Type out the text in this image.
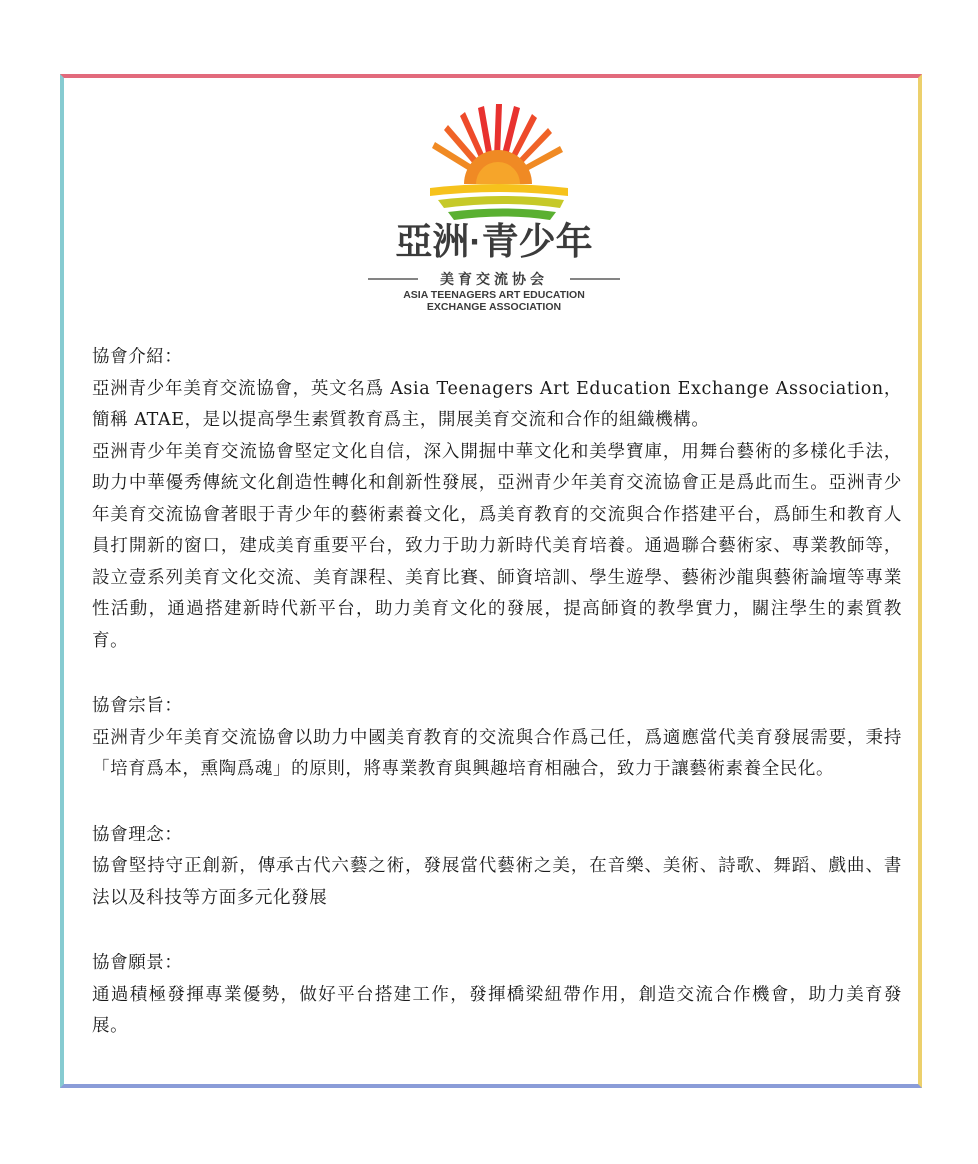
亞洲·青少年
美育交流协会
ASIA TEENAGERS ART EDUCATION
EXCHANGE ASSOCIATION

協會介紹：

亞洲青少年美育交流協會，英文名爲 Asia Teenagers Art Education Exchange Association，簡稱 ATAE，是以提高學生素質教育爲主，開展美育交流和合作的組織機構。

亞洲青少年美育交流協會堅定文化自信，深入開掘中華文化和美學寶庫，用舞台藝術的多樣化手法，助力中華優秀傳統文化創造性轉化和創新性發展，亞洲青少年美育交流協會正是爲此而生。亞洲青少年美育交流協會著眼于青少年的藝術素養文化，爲美育教育的交流與合作搭建平台，爲師生和教育人員打開新的窗口，建成美育重要平台，致力于助力新時代美育培養。通過聯合藝術家、專業教師等，設立壹系列美育文化交流、美育課程、美育比賽、師資培訓、學生遊學、藝術沙龍與藝術論壇等專業性活動，通過搭建新時代新平台，助力美育文化的發展，提高師資的教學實力，關注學生的素質教育。

協會宗旨：

亞洲青少年美育交流協會以助力中國美育教育的交流與合作爲己任，爲適應當代美育發展需要，秉持「培育爲本，熏陶爲魂」的原則，將專業教育與興趣培育相融合，致力于讓藝術素養全民化。

協會理念：

協會堅持守正創新，傳承古代六藝之術，發展當代藝術之美，在音樂、美術、詩歌、舞蹈、戲曲、書法以及科技等方面多元化發展

協會願景：

通過積極發揮專業優勢，做好平台搭建工作，發揮橋梁紐帶作用，創造交流合作機會，助力美育發展。
